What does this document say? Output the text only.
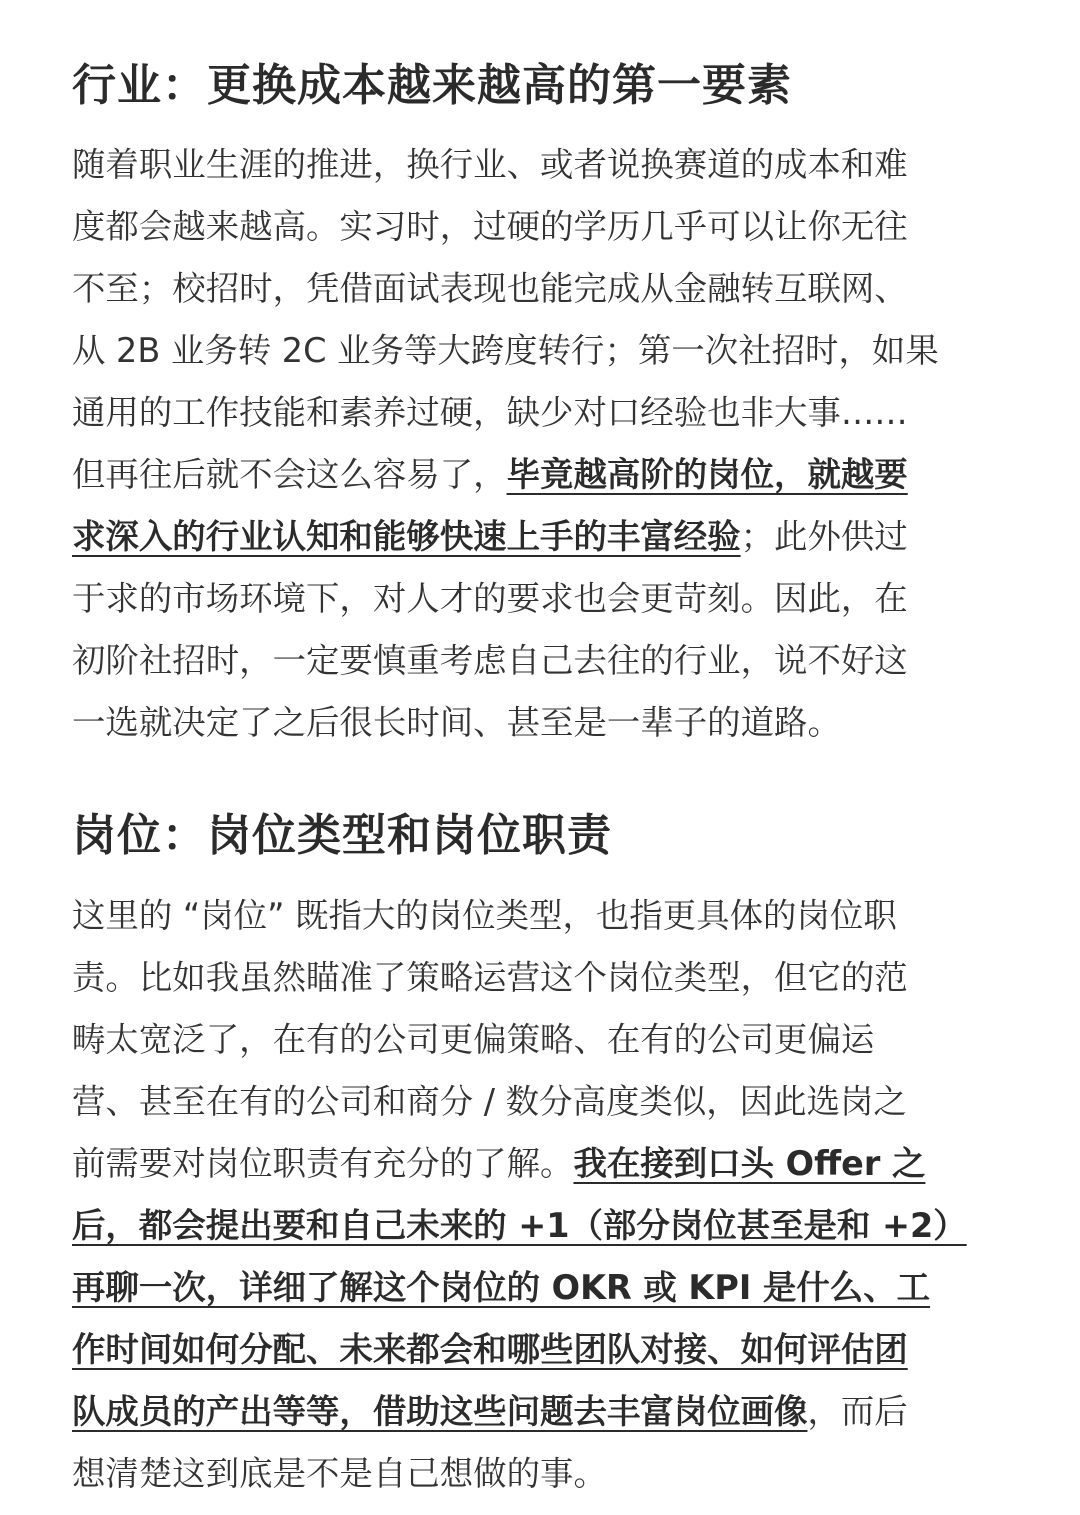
行业：更换成本越来越高的第一要素
随着职业生涯的推进，换行业、或者说换赛道的成本和难
度都会越来越高。实习时，过硬的学历几乎可以让你无往
不至；校招时，凭借面试表现也能完成从金融转互联网、
从 2B 业务转 2C 业务等大跨度转行；第一次社招时，如果
通用的工作技能和素养过硬，缺少对口经验也非大事……
但再往后就不会这么容易了，毕竟越高阶的岗位，就越要
求深入的行业认知和能够快速上手的丰富经验；此外供过
于求的市场环境下，对人才的要求也会更苛刻。因此，在
初阶社招时，一定要慎重考虑自己去往的行业，说不好这
一选就决定了之后很长时间、甚至是一辈子的道路。
岗位：岗位类型和岗位职责
这里的 “岗位” 既指大的岗位类型，也指更具体的岗位职
责。比如我虽然瞄准了策略运营这个岗位类型，但它的范
畴太宽泛了，在有的公司更偏策略、在有的公司更偏运
营、甚至在有的公司和商分 / 数分高度类似，因此选岗之
前需要对岗位职责有充分的了解。我在接到口头 Offer 之
后，都会提出要和自己未来的 +1（部分岗位甚至是和 +2）
再聊一次，详细了解这个岗位的 OKR 或 KPI 是什么、工
作时间如何分配、未来都会和哪些团队对接、如何评估团
队成员的产出等等，借助这些问题去丰富岗位画像，而后
想清楚这到底是不是自己想做的事。
